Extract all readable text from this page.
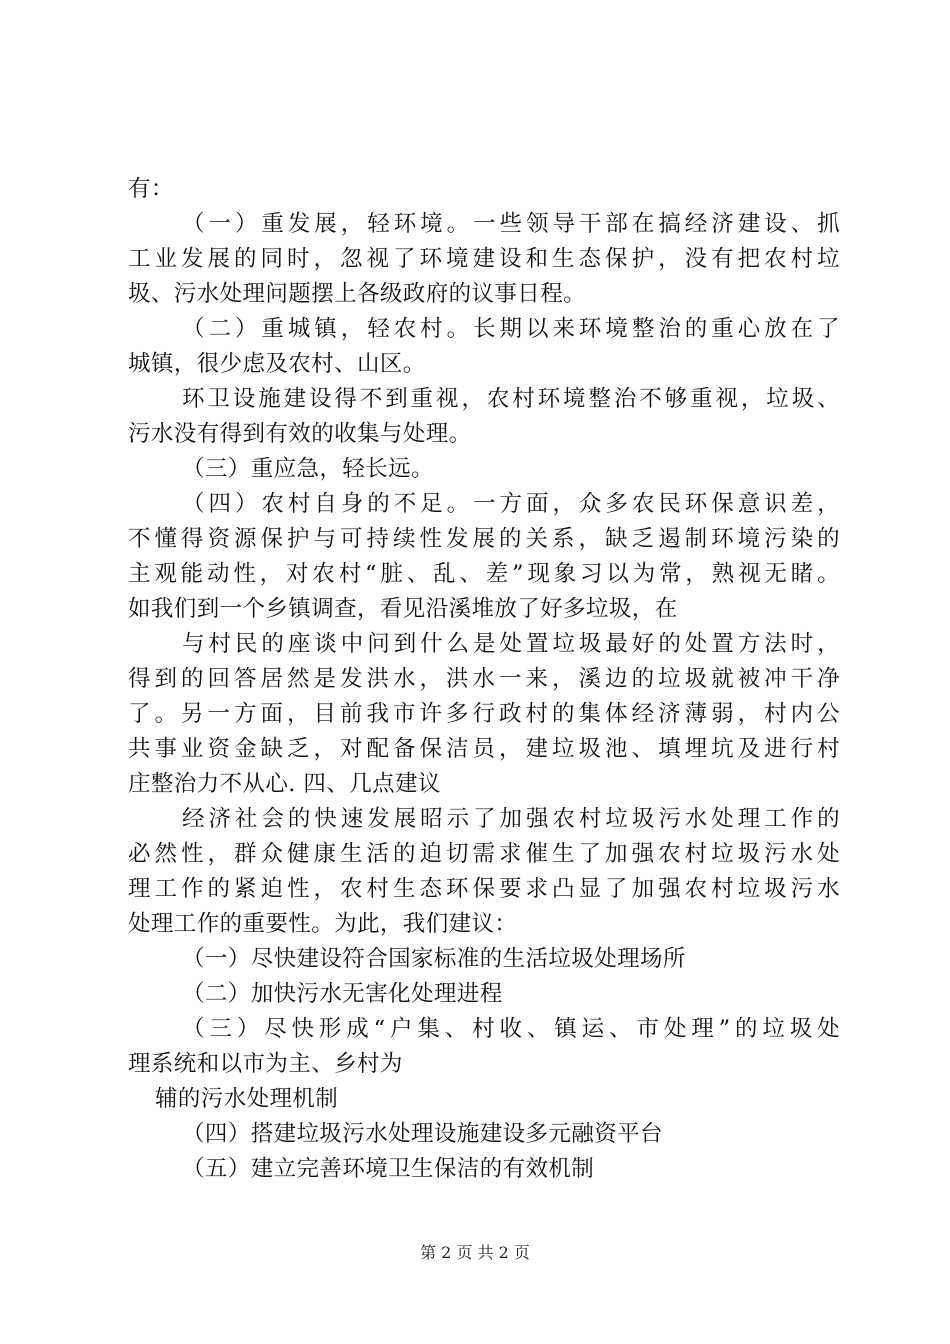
有：
（一）重发展，轻环境。一些领导干部在搞经济建设、抓
工业发展的同时，忽视了环境建设和生态保护，没有把农村垃
圾、污水处理问题摆上各级政府的议事日程。
（二）重城镇，轻农村。长期以来环境整治的重心放在了
城镇，很少虑及农村、山区。
环卫设施建设得不到重视，农村环境整治不够重视，垃圾、
污水没有得到有效的收集与处理。
（三）重应急，轻长远。
（四）农村自身的不足。一方面，众多农民环保意识差，
不懂得资源保护与可持续性发展的关系，缺乏遏制环境污染的
主观能动性，对农村“脏、乱、差”现象习以为常，熟视无睹。
如我们到一个乡镇调查，看见沿溪堆放了好多垃圾，在
与村民的座谈中问到什么是处置垃圾最好的处置方法时，
得到的回答居然是发洪水，洪水一来，溪边的垃圾就被冲干净
了。另一方面，目前我市许多行政村的集体经济薄弱，村内公
共事业资金缺乏，对配备保洁员，建垃圾池、填埋坑及进行村
庄整治力不从心. 四、几点建议
经济社会的快速发展昭示了加强农村垃圾污水处理工作的
必然性，群众健康生活的迫切需求催生了加强农村垃圾污水处
理工作的紧迫性，农村生态环保要求凸显了加强农村垃圾污水
处理工作的重要性。为此，我们建议：
（一）尽快建设符合国家标准的生活垃圾处理场所
（二）加快污水无害化处理进程
（三）尽快形成“户集、村收、镇运、市处理”的垃圾处
理系统和以市为主、乡村为
辅的污水处理机制
（四）搭建垃圾污水处理设施建设多元融资平台
（五）建立完善环境卫生保洁的有效机制
第 2 页 共 2 页
